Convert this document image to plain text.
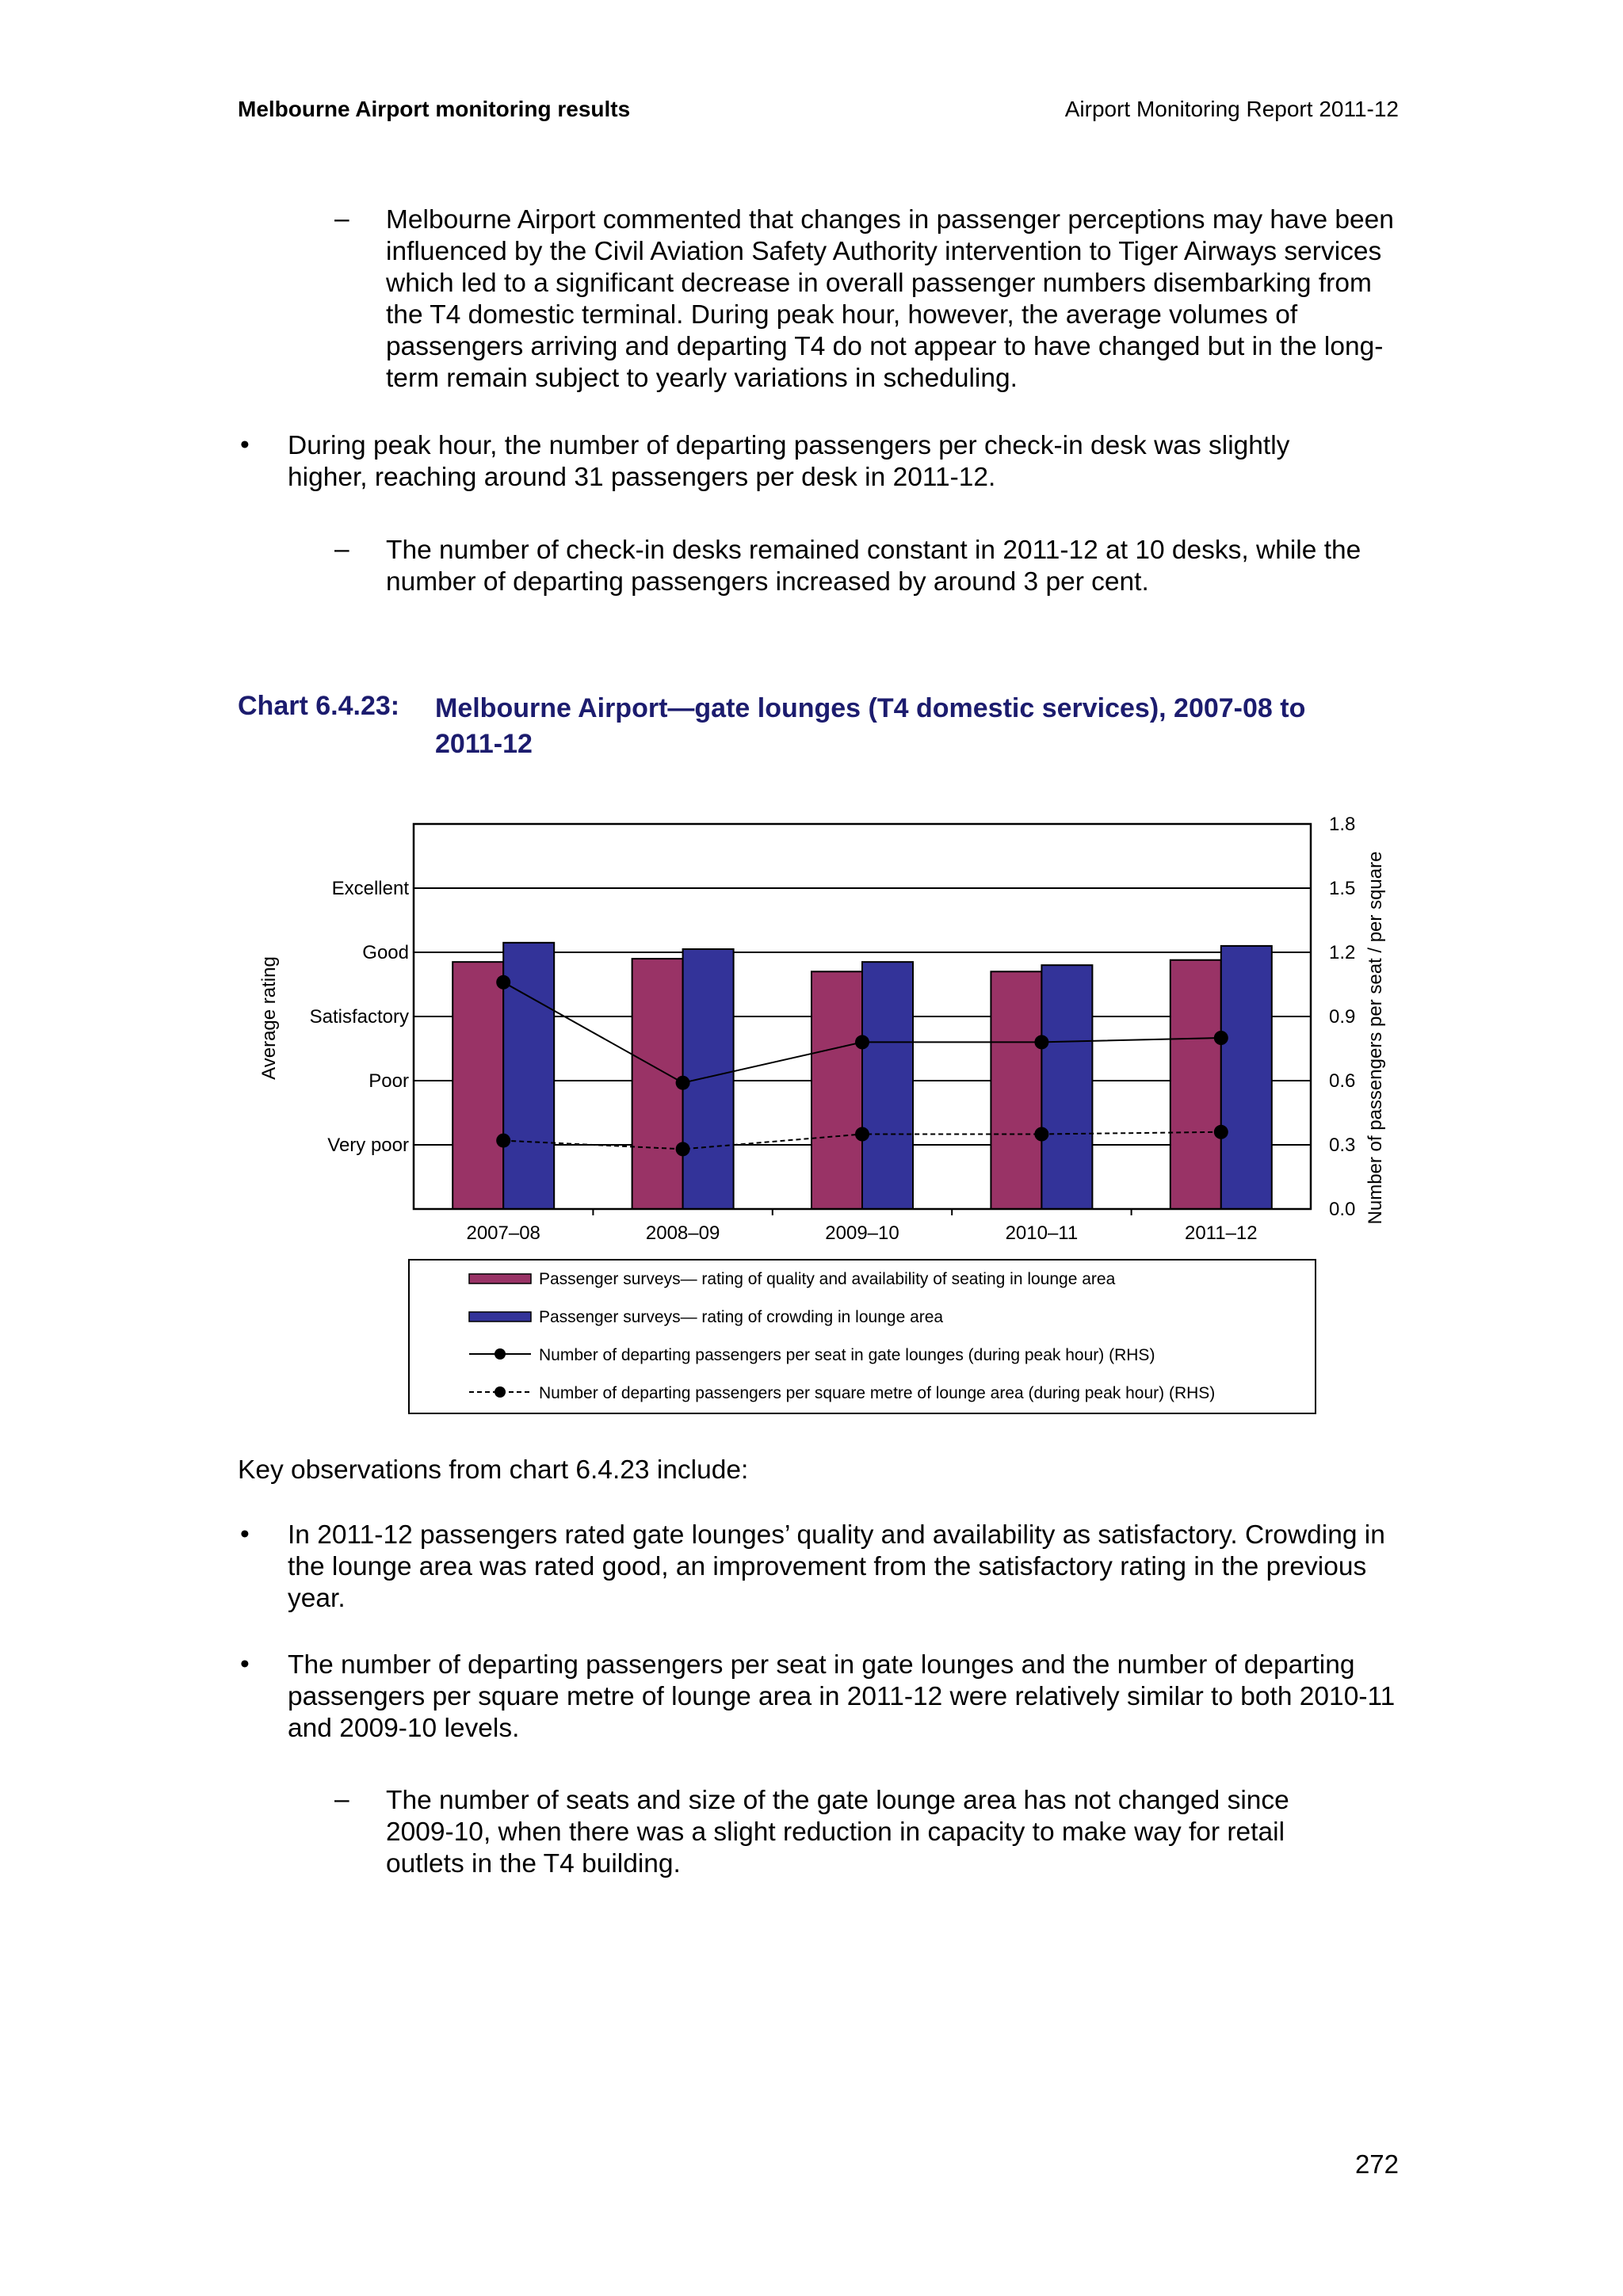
Melbourne Airport monitoring results	Airport Monitoring Report 2011-12
– Melbourne Airport commented that changes in passenger perceptions may have been influenced by the Civil Aviation Safety Authority intervention to Tiger Airways services which led to a significant decrease in overall passenger numbers disembarking from the T4 domestic terminal. During peak hour, however, the average volumes of passengers arriving and departing T4 do not appear to have changed but in the long-term remain subject to yearly variations in scheduling.
• During peak hour, the number of departing passengers per check-in desk was slightly higher, reaching around 31 passengers per desk in 2011-12.
– The number of check-in desks remained constant in 2011-12 at 10 desks, while the number of departing passengers increased by around 3 per cent.
Chart 6.4.23: Melbourne Airport—gate lounges (T4 domestic services), 2007-08 to 2011-12
2007–08	2008–09	2009–10	2010–11	2011–12
Very poor
Poor
Satisfactory
Good
Excellent
0.0
0.3
0.6
0.9
1.2
1.5
1.8
Average rating	Number of passengers per seat / per square
Passenger surveys— rating of quality and availability of seating in lounge area
Passenger surveys— rating of crowding in lounge area
Number of departing passengers per seat in gate lounges (during peak hour) (RHS)
Number of departing passengers per square metre of lounge area (during peak hour) (RHS)
Key observations from chart 6.4.23 include:
• In 2011-12 passengers rated gate lounges’ quality and availability as satisfactory. Crowding in the lounge area was rated good, an improvement from the satisfactory rating in the previous year.
• The number of departing passengers per seat in gate lounges and the number of departing passengers per square metre of lounge area in 2011-12 were relatively similar to both 2010-11 and 2009-10 levels.
– The number of seats and size of the gate lounge area has not changed since 2009-10, when there was a slight reduction in capacity to make way for retail outlets in the T4 building.
272
